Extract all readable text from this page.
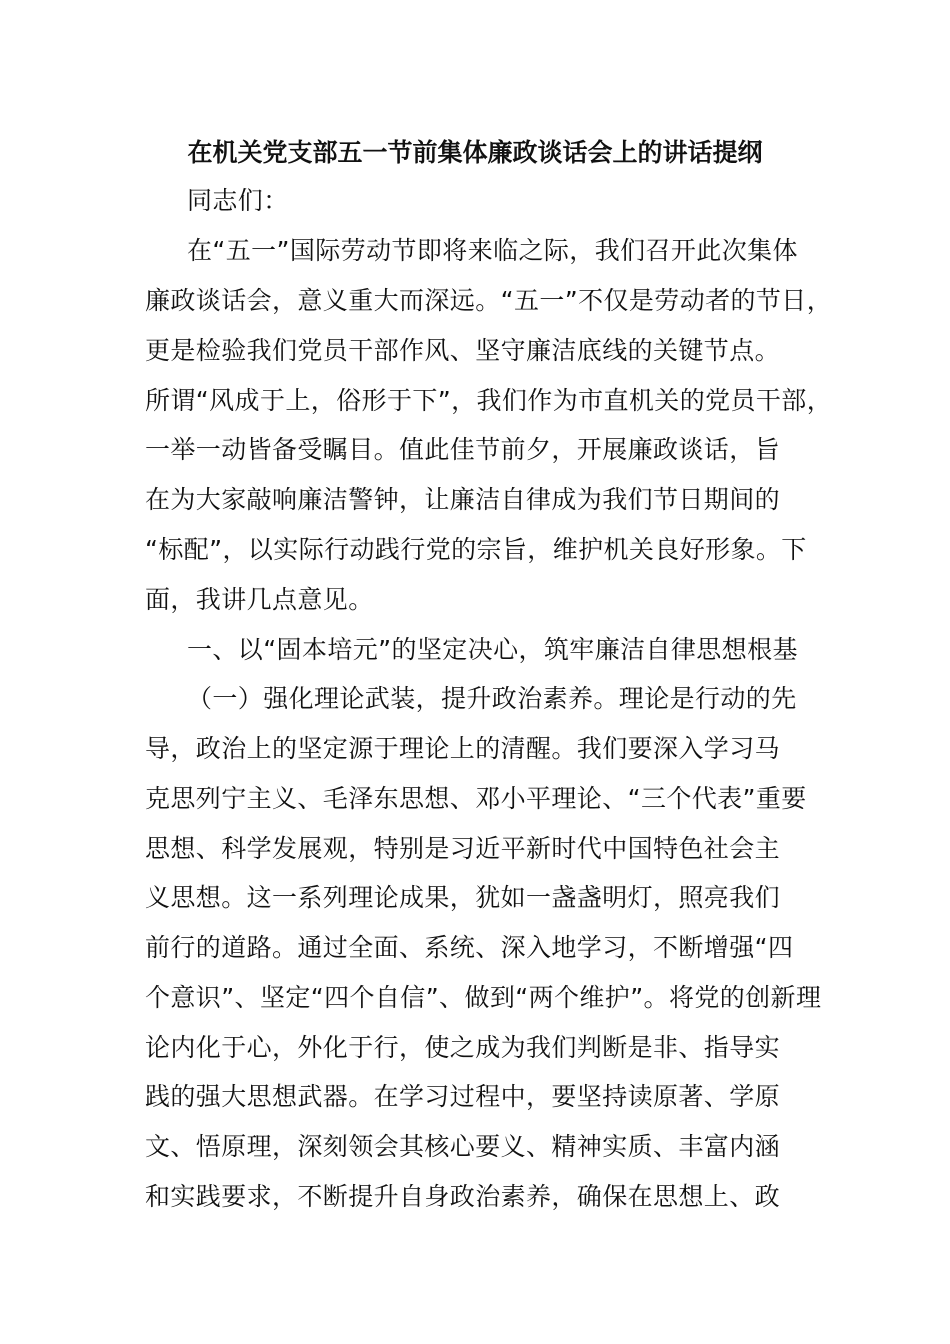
在机关党支部五一节前集体廉政谈话会上的讲话提纲
同志们：
在“五一”国际劳动节即将来临之际，我们召开此次集体
廉政谈话会，意义重大而深远。“五一”不仅是劳动者的节日，
更是检验我们党员干部作风、坚守廉洁底线的关键节点。
所谓“风成于上，俗形于下”，我们作为市直机关的党员干部，
一举一动皆备受瞩目。值此佳节前夕，开展廉政谈话，旨
在为大家敲响廉洁警钟，让廉洁自律成为我们节日期间的
“标配”，以实际行动践行党的宗旨，维护机关良好形象。下
面，我讲几点意见。
一、以“固本培元”的坚定决心，筑牢廉洁自律思想根基
（一）强化理论武装，提升政治素养。理论是行动的先
导，政治上的坚定源于理论上的清醒。我们要深入学习马
克思列宁主义、毛泽东思想、邓小平理论、“三个代表”重要
思想、科学发展观，特别是习近平新时代中国特色社会主
义思想。这一系列理论成果，犹如一盏盏明灯，照亮我们
前行的道路。通过全面、系统、深入地学习，不断增强“四
个意识”、坚定“四个自信”、做到“两个维护”。将党的创新理
论内化于心，外化于行，使之成为我们判断是非、指导实
践的强大思想武器。在学习过程中，要坚持读原著、学原
文、悟原理，深刻领会其核心要义、精神实质、丰富内涵
和实践要求，不断提升自身政治素养，确保在思想上、政
